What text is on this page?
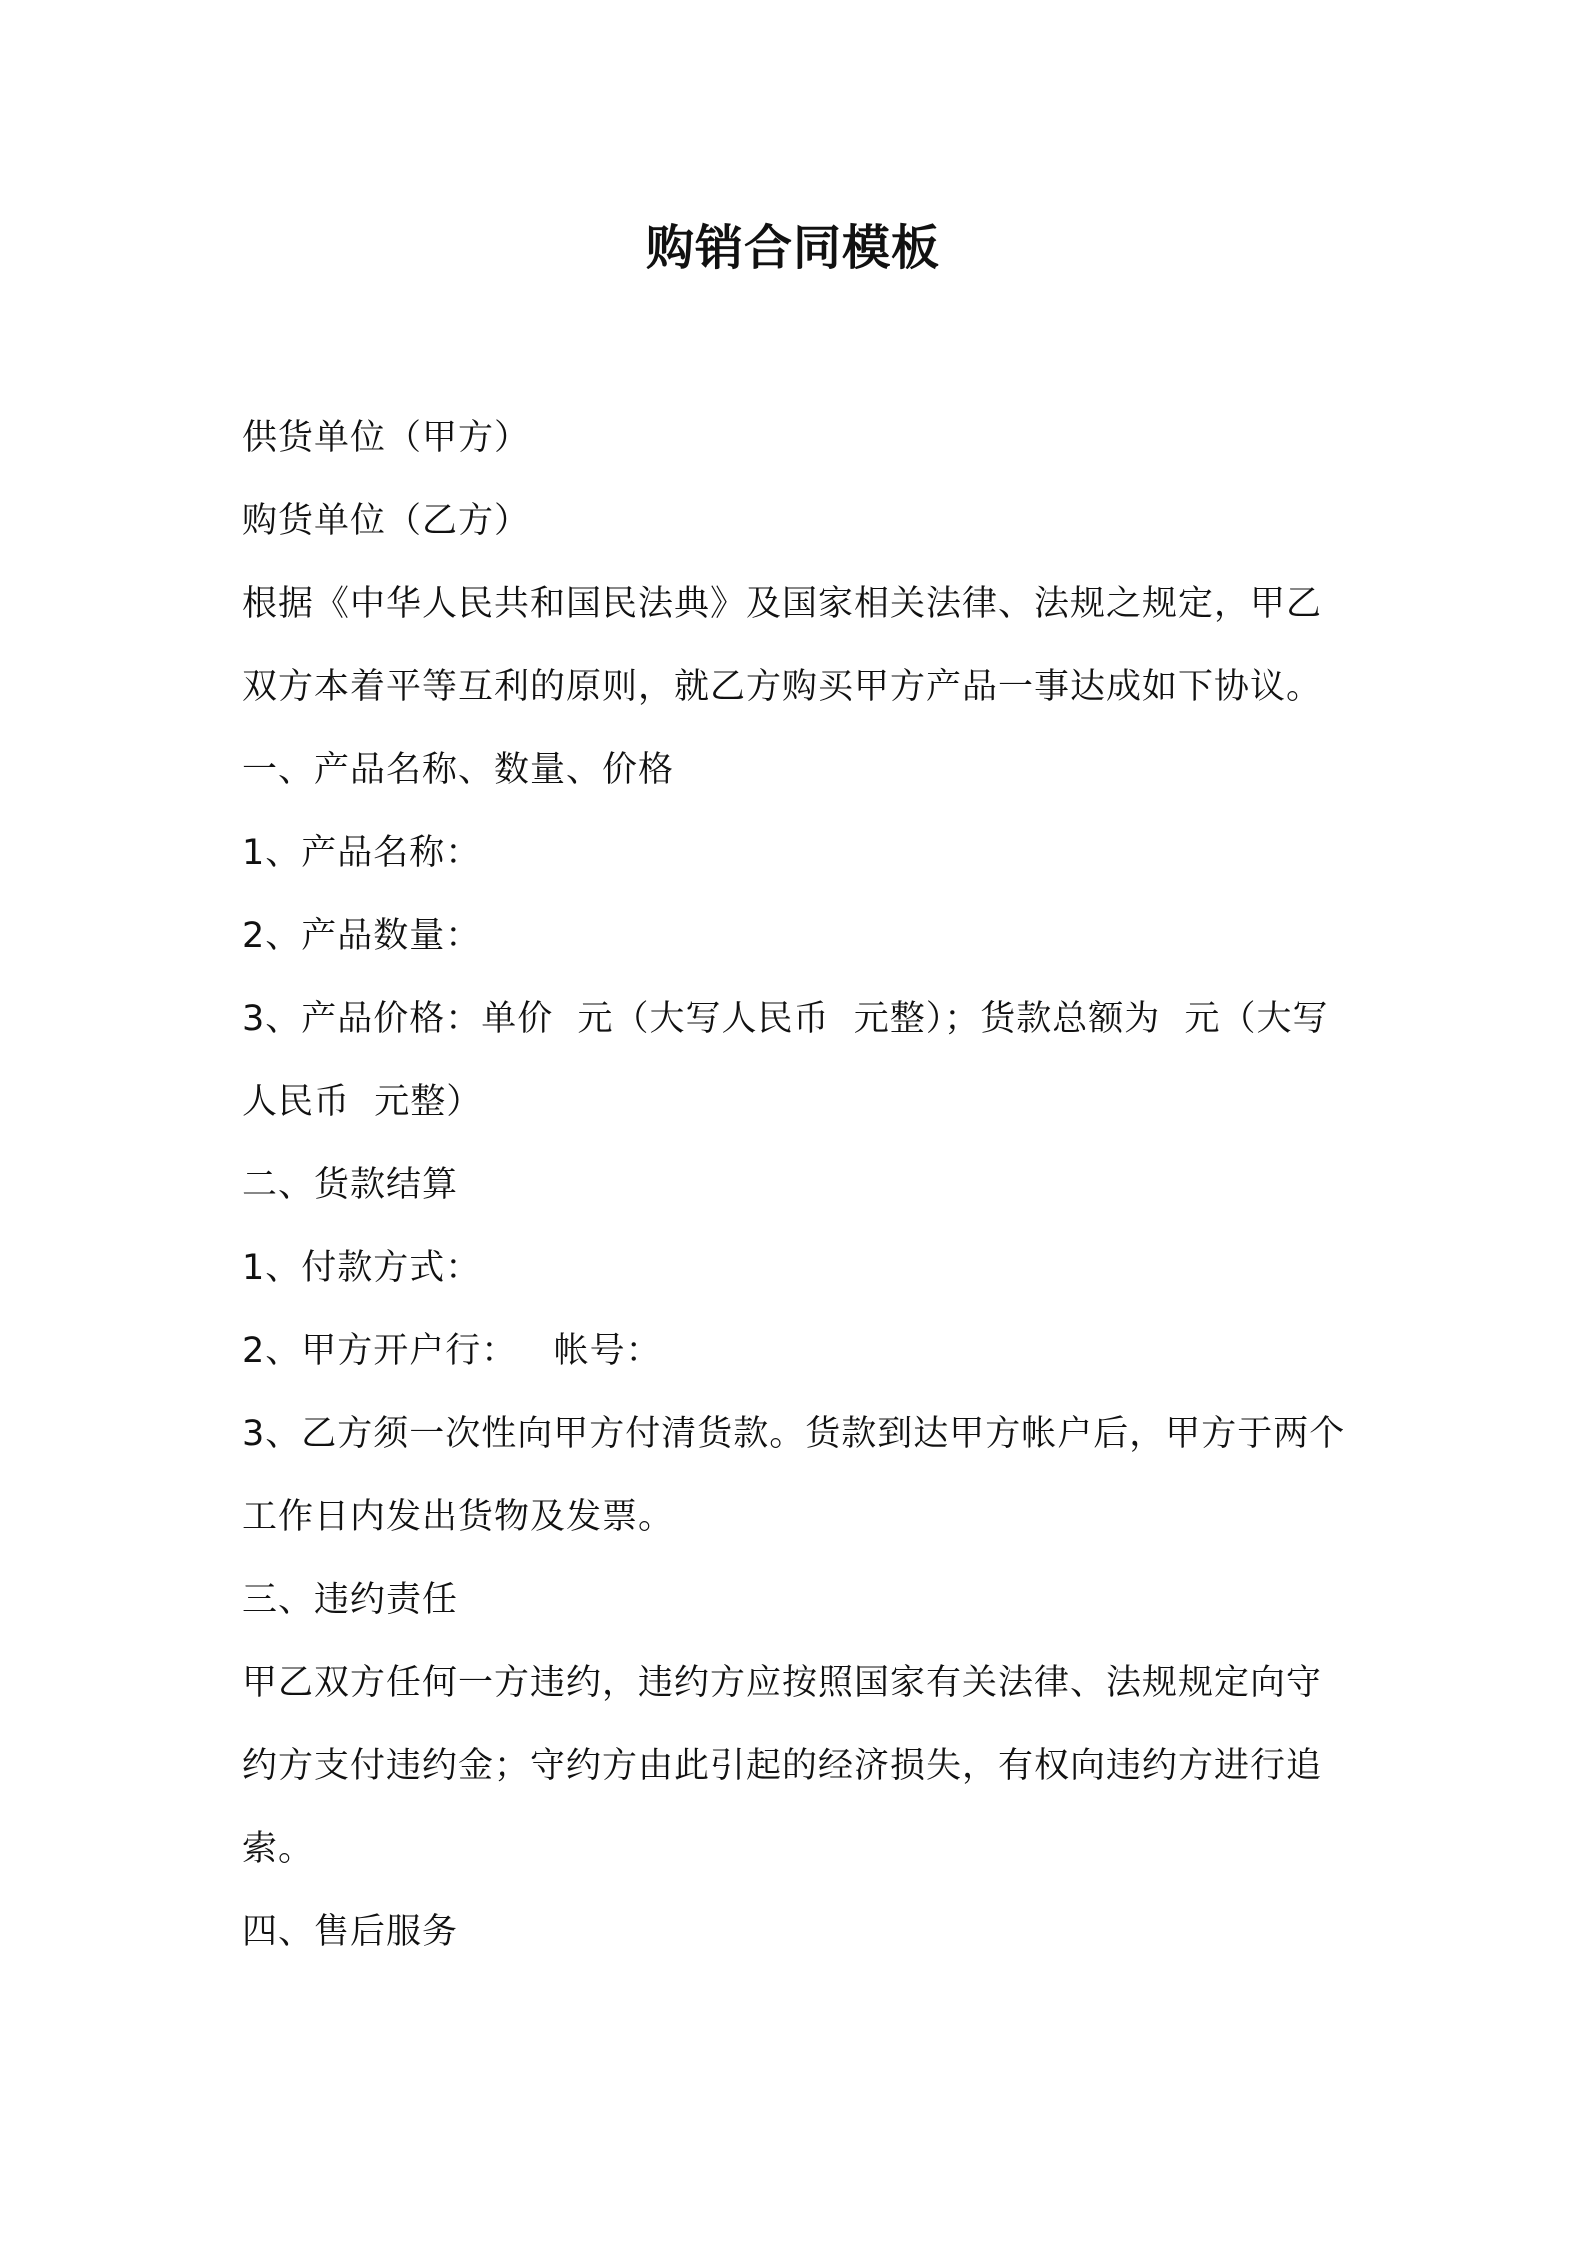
购销合同模板

供货单位（甲方）

购货单位（乙方）

根据《中华人民共和国民法典》及国家相关法律、法规之规定，甲乙双方本着平等互利的原则，就乙方购买甲方产品一事达成如下协议。

一、产品名称、数量、价格

1、产品名称：

2、产品数量：

3、产品价格：单价  元（大写人民币  元整）；货款总额为  元（大写人民币  元整）

二、货款结算

1、付款方式：

2、甲方开户行：   帐号：

3、乙方须一次性向甲方付清货款。货款到达甲方帐户后，甲方于两个工作日内发出货物及发票。

三、违约责任

甲乙双方任何一方违约，违约方应按照国家有关法律、法规规定向守约方支付违约金；守约方由此引起的经济损失，有权向违约方进行追索。

四、售后服务
